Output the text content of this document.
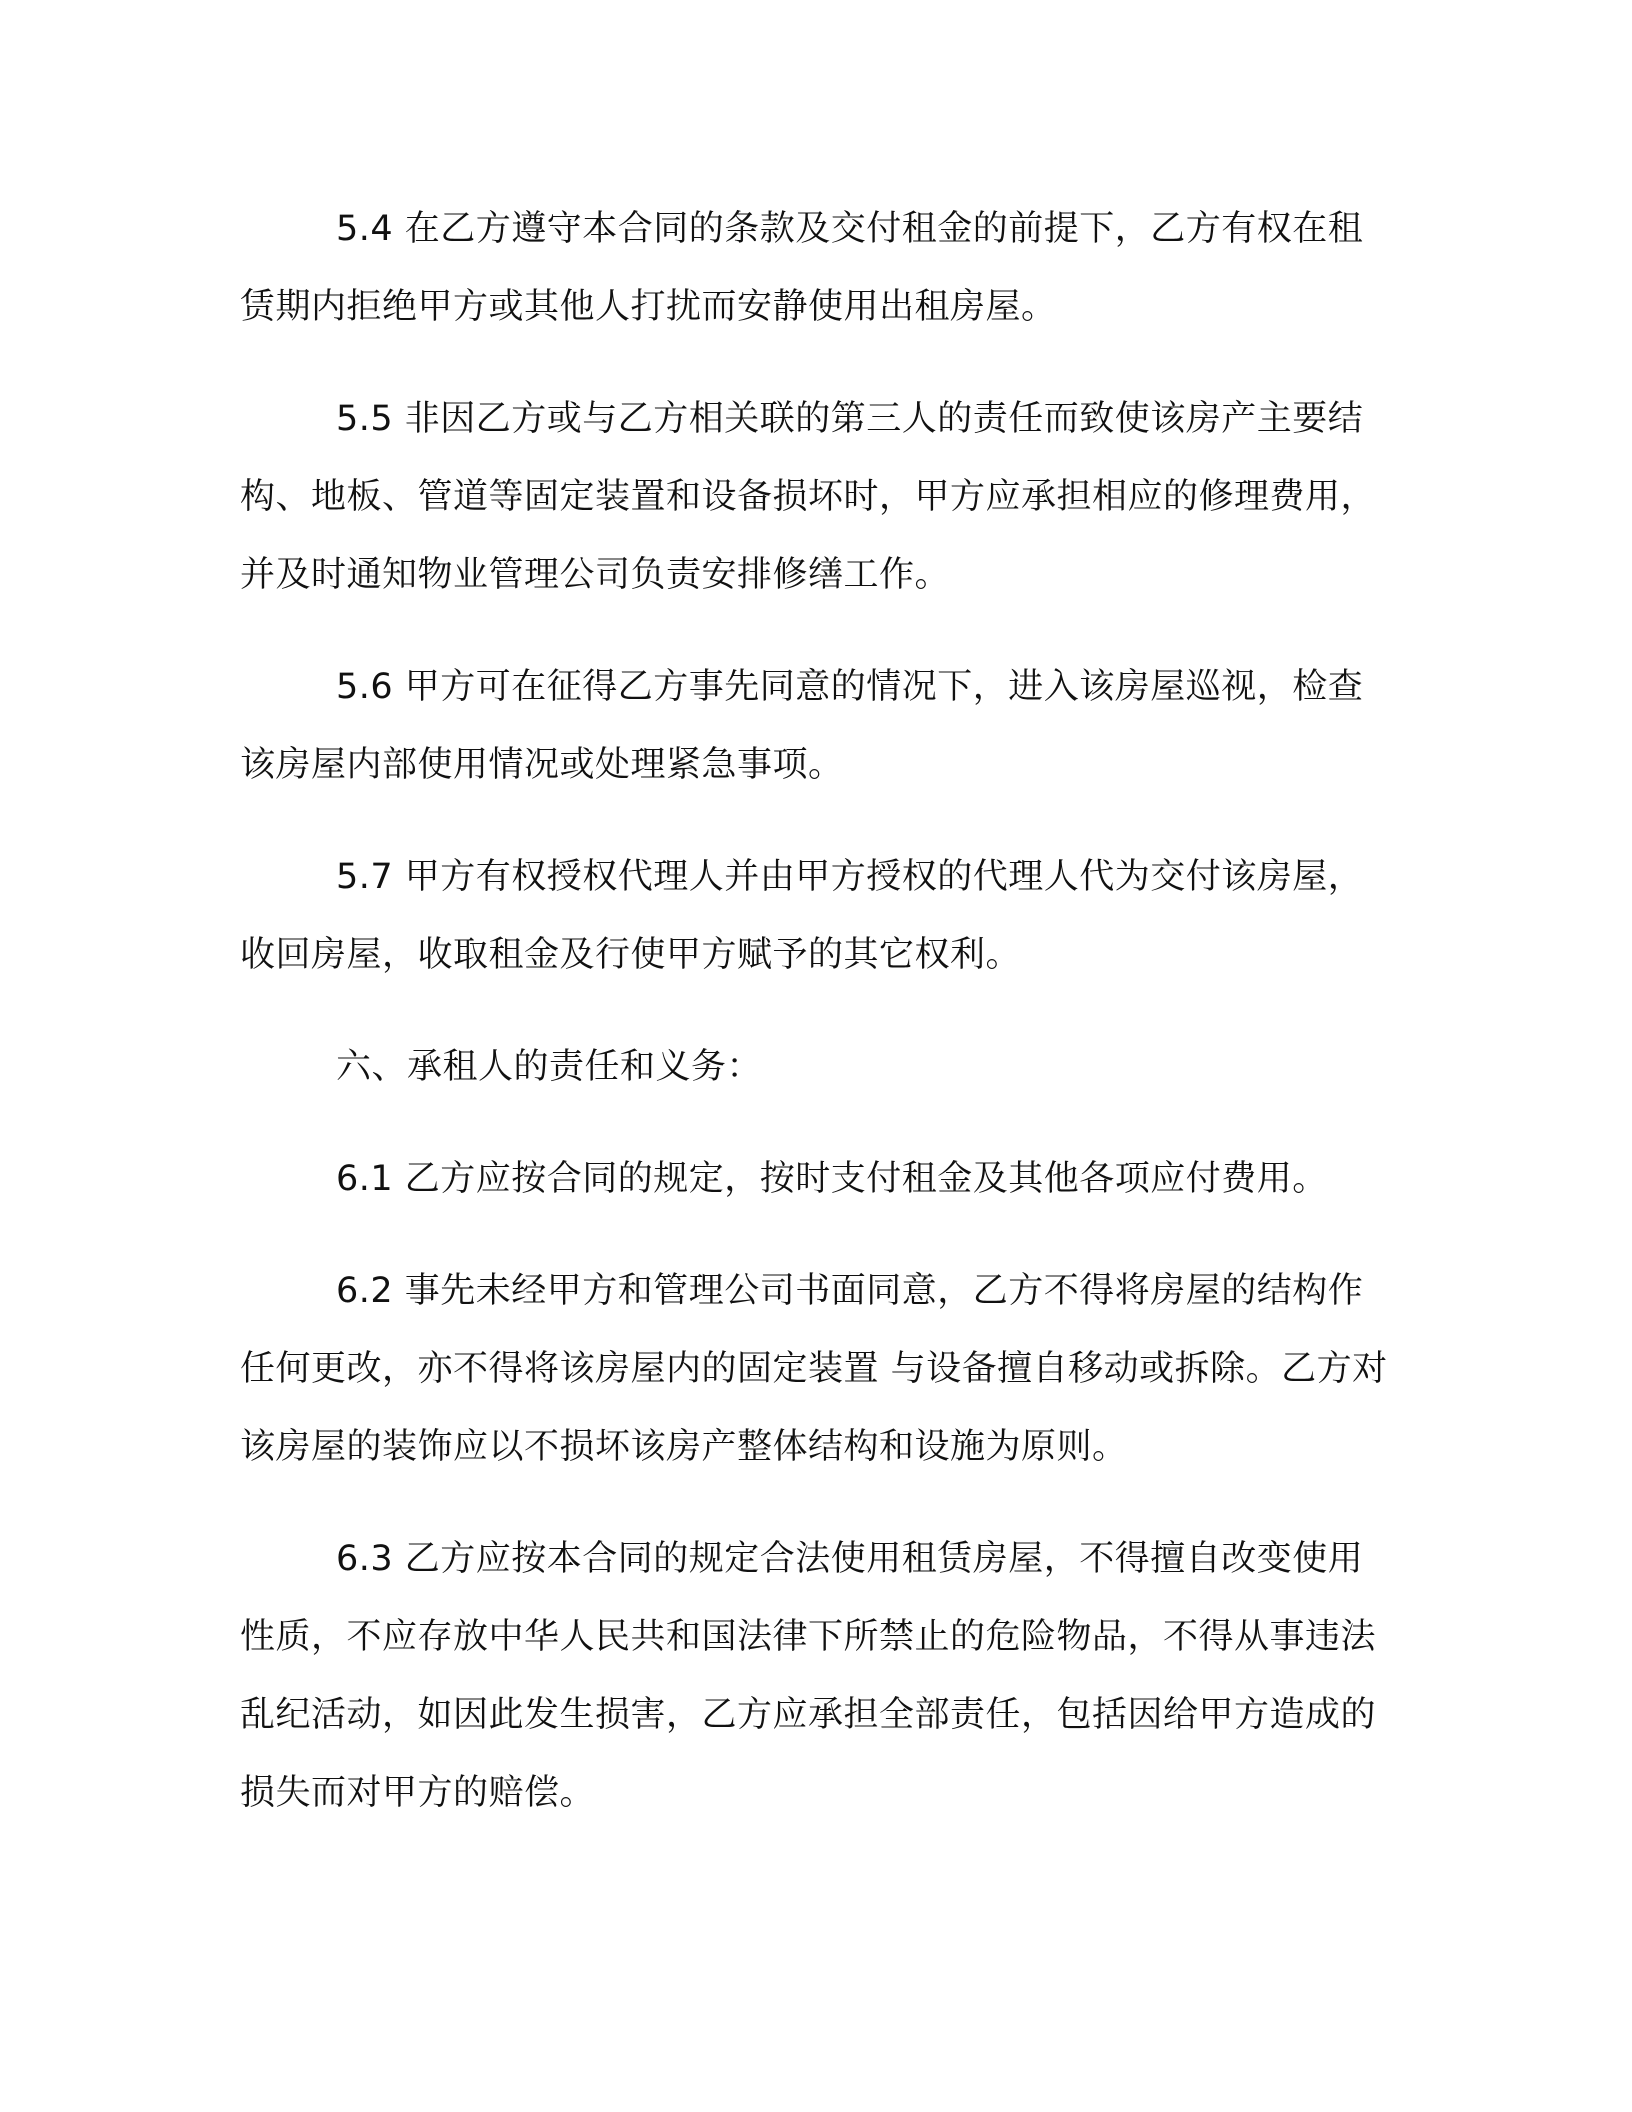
5.4 在乙方遵守本合同的条款及交付租金的前提下，乙方有权在租赁期内拒绝甲方或其他人打扰而安静使用出租房屋。

5.5 非因乙方或与乙方相关联的第三人的责任而致使该房产主要结构、地板、管道等固定装置和设备损坏时，甲方应承担相应的修理费用，并及时通知物业管理公司负责安排修缮工作。

5.6 甲方可在征得乙方事先同意的情况下，进入该房屋巡视，检查该房屋内部使用情况或处理紧急事项。

5.7 甲方有权授权代理人并由甲方授权的代理人代为交付该房屋，收回房屋，收取租金及行使甲方赋予的其它权利。

六、承租人的责任和义务：

6.1 乙方应按合同的规定，按时支付租金及其他各项应付费用。

6.2 事先未经甲方和管理公司书面同意，乙方不得将房屋的结构作任何更改，亦不得将该房屋内的固定装置 与设备擅自移动或拆除。乙方对该房屋的装饰应以不损坏该房产整体结构和设施为原则。

6.3 乙方应按本合同的规定合法使用租赁房屋，不得擅自改变使用性质，不应存放中华人民共和国法律下所禁止的危险物品，不得从事违法乱纪活动，如因此发生损害，乙方应承担全部责任，包括因给甲方造成的损失而对甲方的赔偿。
